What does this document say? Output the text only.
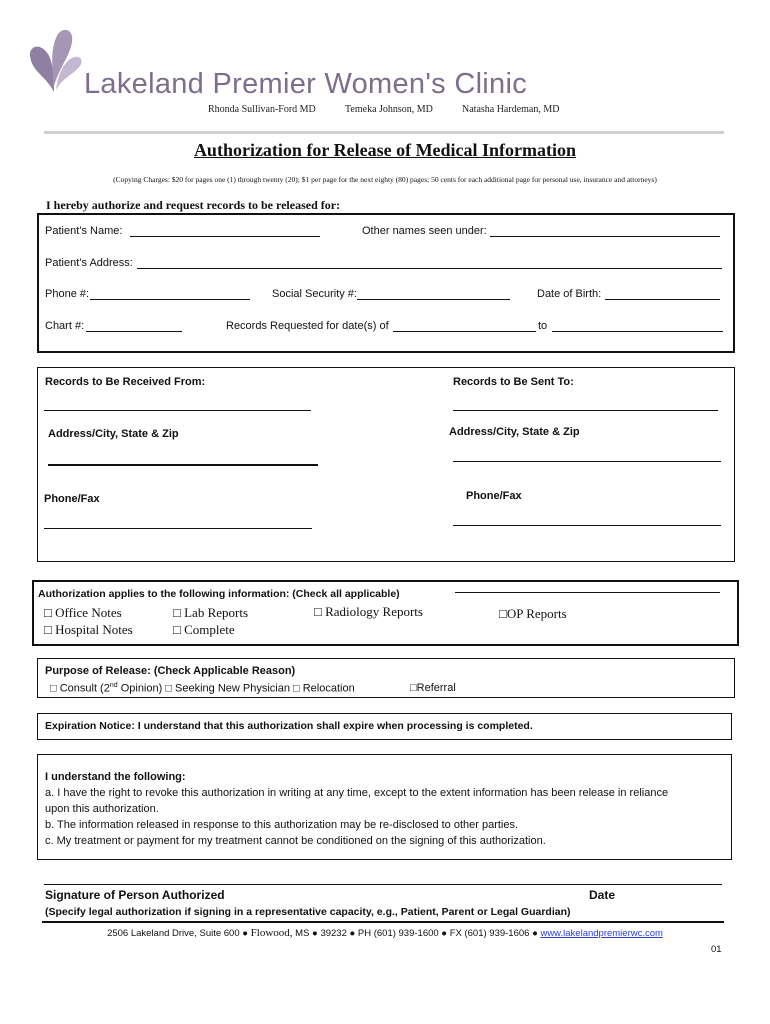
Lakeland Premier Women's Clinic
Rhonda Sullivan-Ford MD	Temeka Johnson, MD	Natasha Hardeman, MD
Authorization for Release of Medical Information
(Copying Charges: $20 for pages one (1) through twenty (20); $1 per page for the next eighty (80) pages; 50 cents for each additional page for personal use, insurance and attorneys)
I hereby authorize and request records to be released for:
Patient’s Name:	Other names seen under:
Patient’s Address:
Phone #:	Social Security #:	Date of Birth:
Chart #:	Records Requested for date(s) of	to
Records to Be Received From:	Records to Be Sent To:
Address/City, State & Zip	Address/City, State & Zip
Phone/Fax	Phone/Fax
Authorization applies to the following information: (Check all applicable)
□ Office Notes	□ Lab Reports	□ Radiology Reports	□OP Reports
□ Hospital Notes	□ Complete
Purpose of Release: (Check Applicable Reason)
□ Consult (2nd Opinion) □ Seeking New Physician □ Relocation	□Referral
Expiration Notice: I understand that this authorization shall expire when processing is completed.
I understand the following:
a. I have the right to revoke this authorization in writing at any time, except to the extent information has been release in reliance
upon this authorization.
b. The information released in response to this authorization may be re-disclosed to other parties.
c. My treatment or payment for my treatment cannot be conditioned on the signing of this authorization.
Signature of Person Authorized	Date
(Specify legal authorization if signing in a representative capacity, e.g., Patient, Parent or Legal Guardian)
2506 Lakeland Drive, Suite 600 ● Flowood, MS ● 39232 ● PH (601) 939-1600 ● FX (601) 939-1606 ● www.lakelandpremierwc.com
01
